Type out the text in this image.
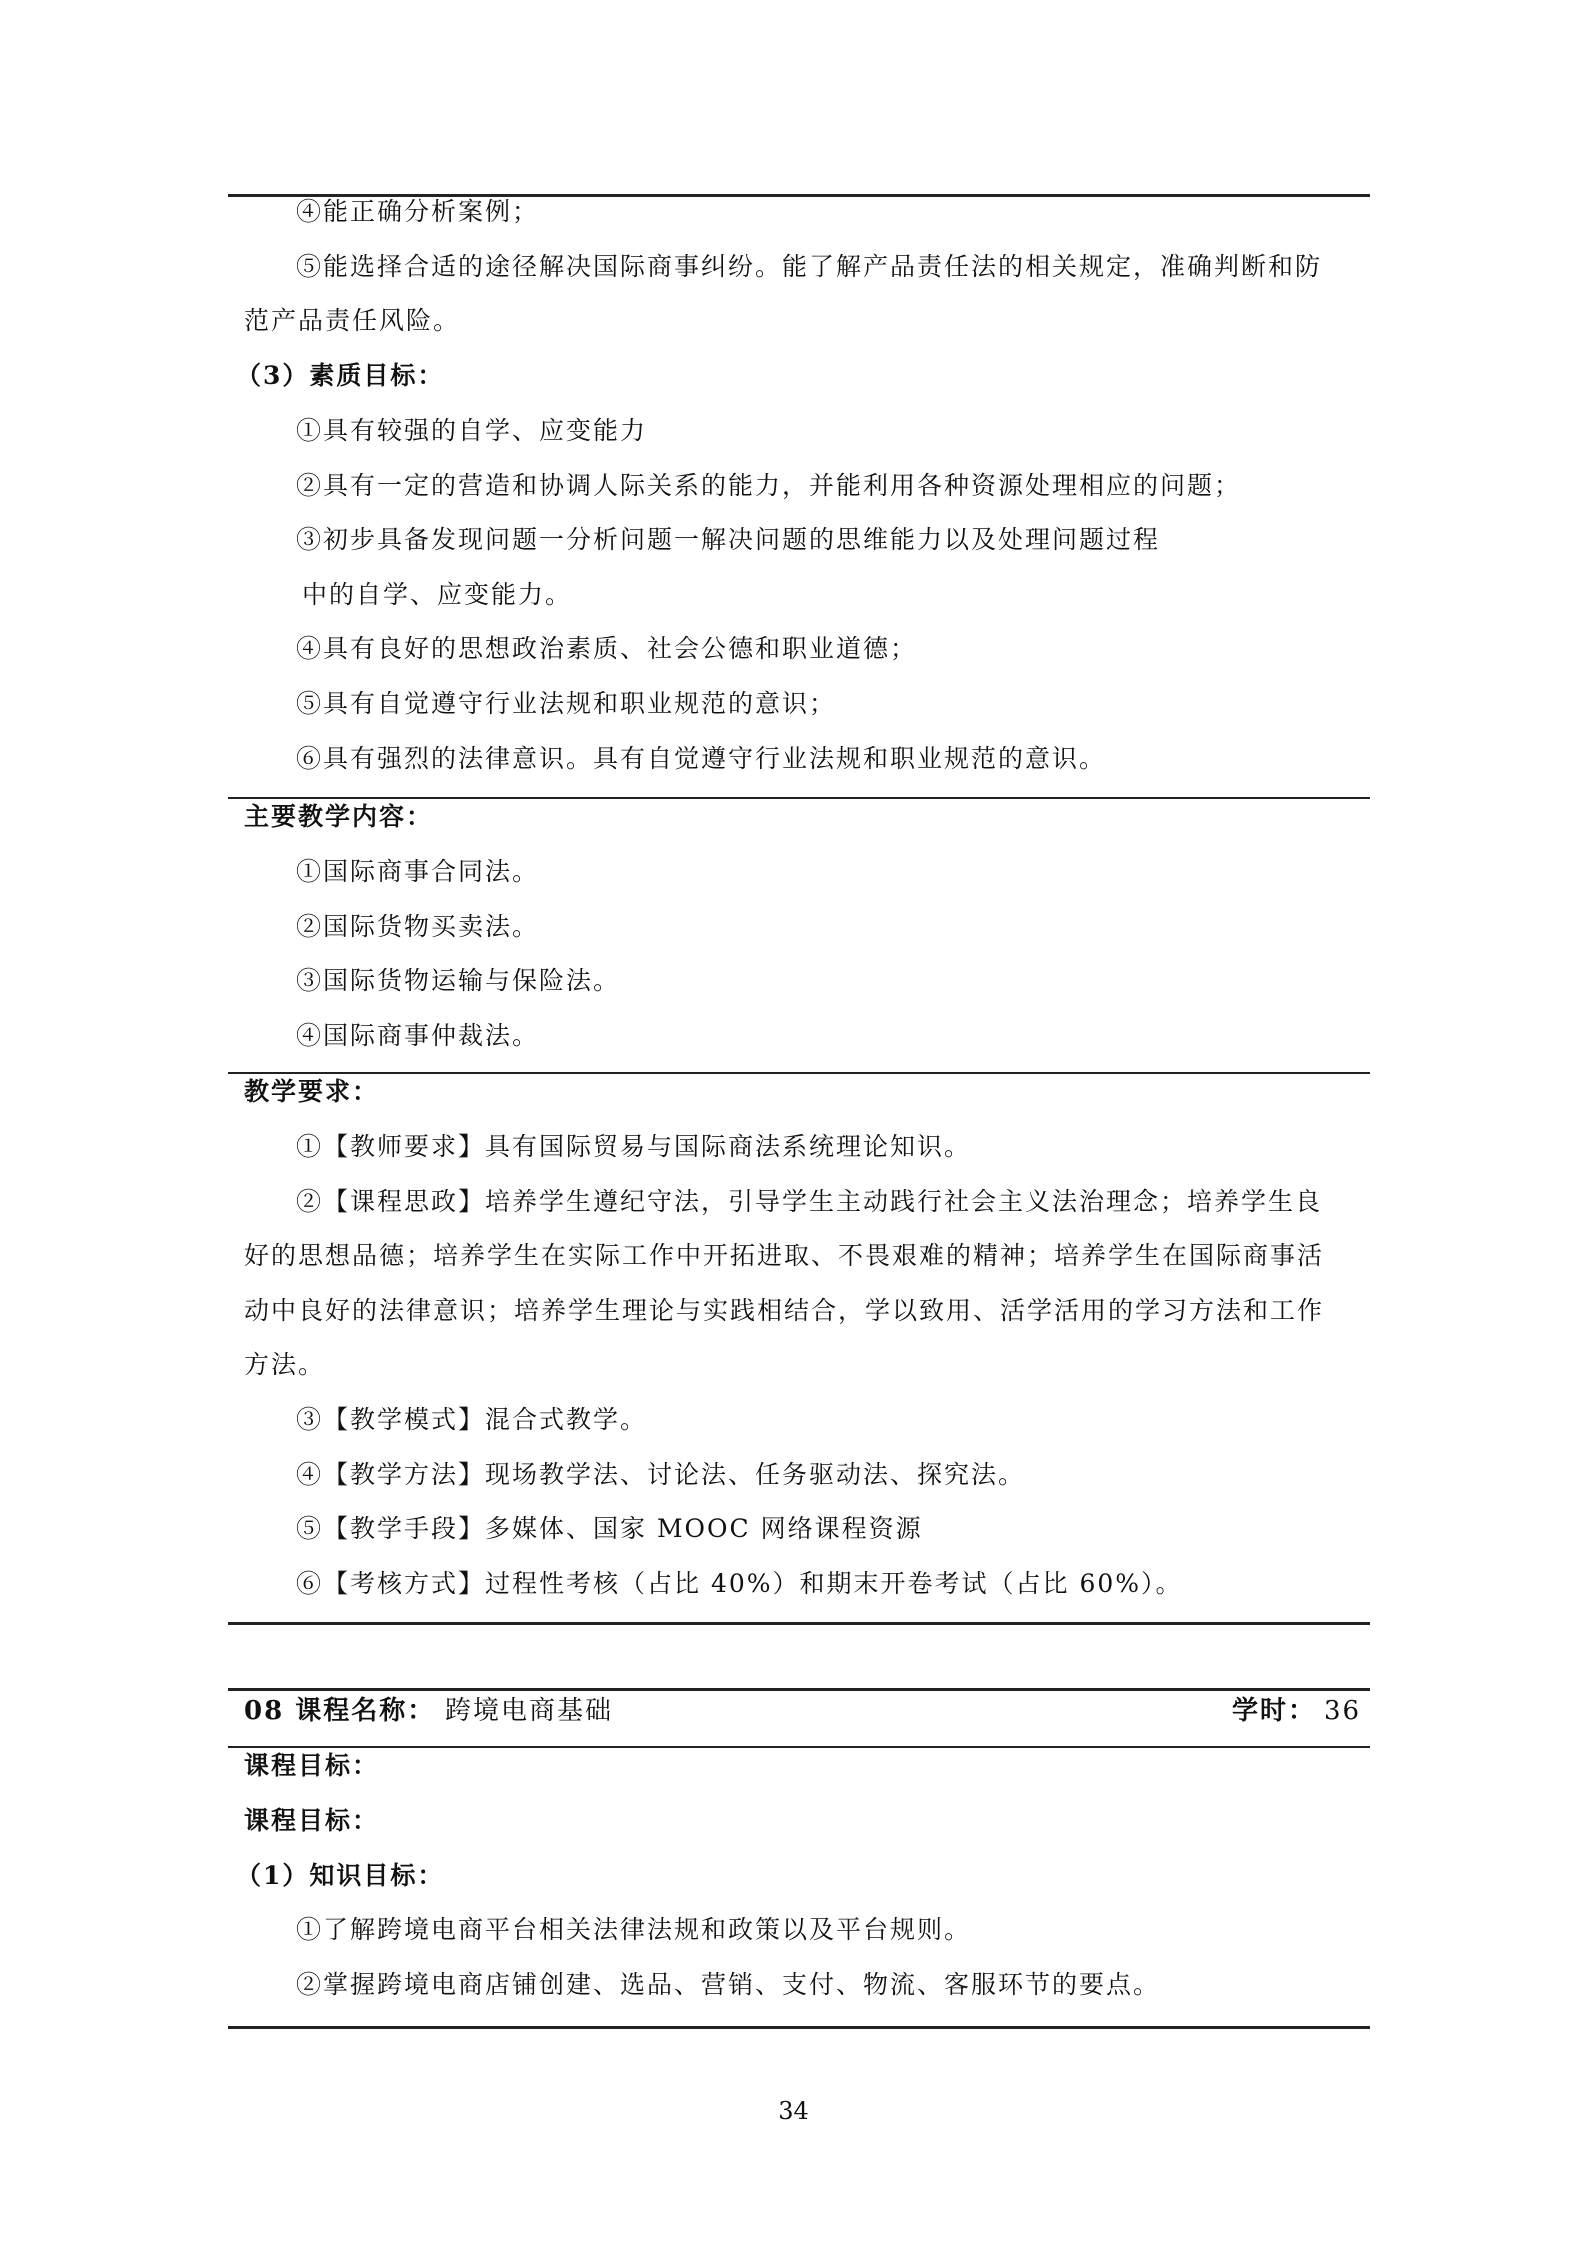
④能正确分析案例；
⑤能选择合适的途径解决国际商事纠纷。能了解产品责任法的相关规定，准确判断和防
范产品责任风险。
（3）素质目标：
①具有较强的自学、应变能力
②具有一定的营造和协调人际关系的能力，并能利用各种资源处理相应的问题；
③初步具备发现问题一分析问题一解决问题的思维能力以及处理问题过程
中的自学、应变能力。
④具有良好的思想政治素质、社会公德和职业道德；
⑤具有自觉遵守行业法规和职业规范的意识；
⑥具有强烈的法律意识。具有自觉遵守行业法规和职业规范的意识。
主要教学内容：
①国际商事合同法。
②国际货物买卖法。
③国际货物运输与保险法。
④国际商事仲裁法。
教学要求：
①【教师要求】具有国际贸易与国际商法系统理论知识。
②【课程思政】培养学生遵纪守法，引导学生主动践行社会主义法治理念；培养学生良
好的思想品德；培养学生在实际工作中开拓进取、不畏艰难的精神；培养学生在国际商事活
动中良好的法律意识；培养学生理论与实践相结合，学以致用、活学活用的学习方法和工作
方法。
③【教学模式】混合式教学。
④【教学方法】现场教学法、讨论法、任务驱动法、探究法。
⑤【教学手段】多媒体、国家 MOOC 网络课程资源
⑥【考核方式】过程性考核（占比 40%）和期末开卷考试（占比 60%）。
08 课程名称： 跨境电商基础	学时： 36
课程目标：
课程目标：
（1）知识目标：
①了解跨境电商平台相关法律法规和政策以及平台规则。
②掌握跨境电商店铺创建、选品、营销、支付、物流、客服环节的要点。
34
